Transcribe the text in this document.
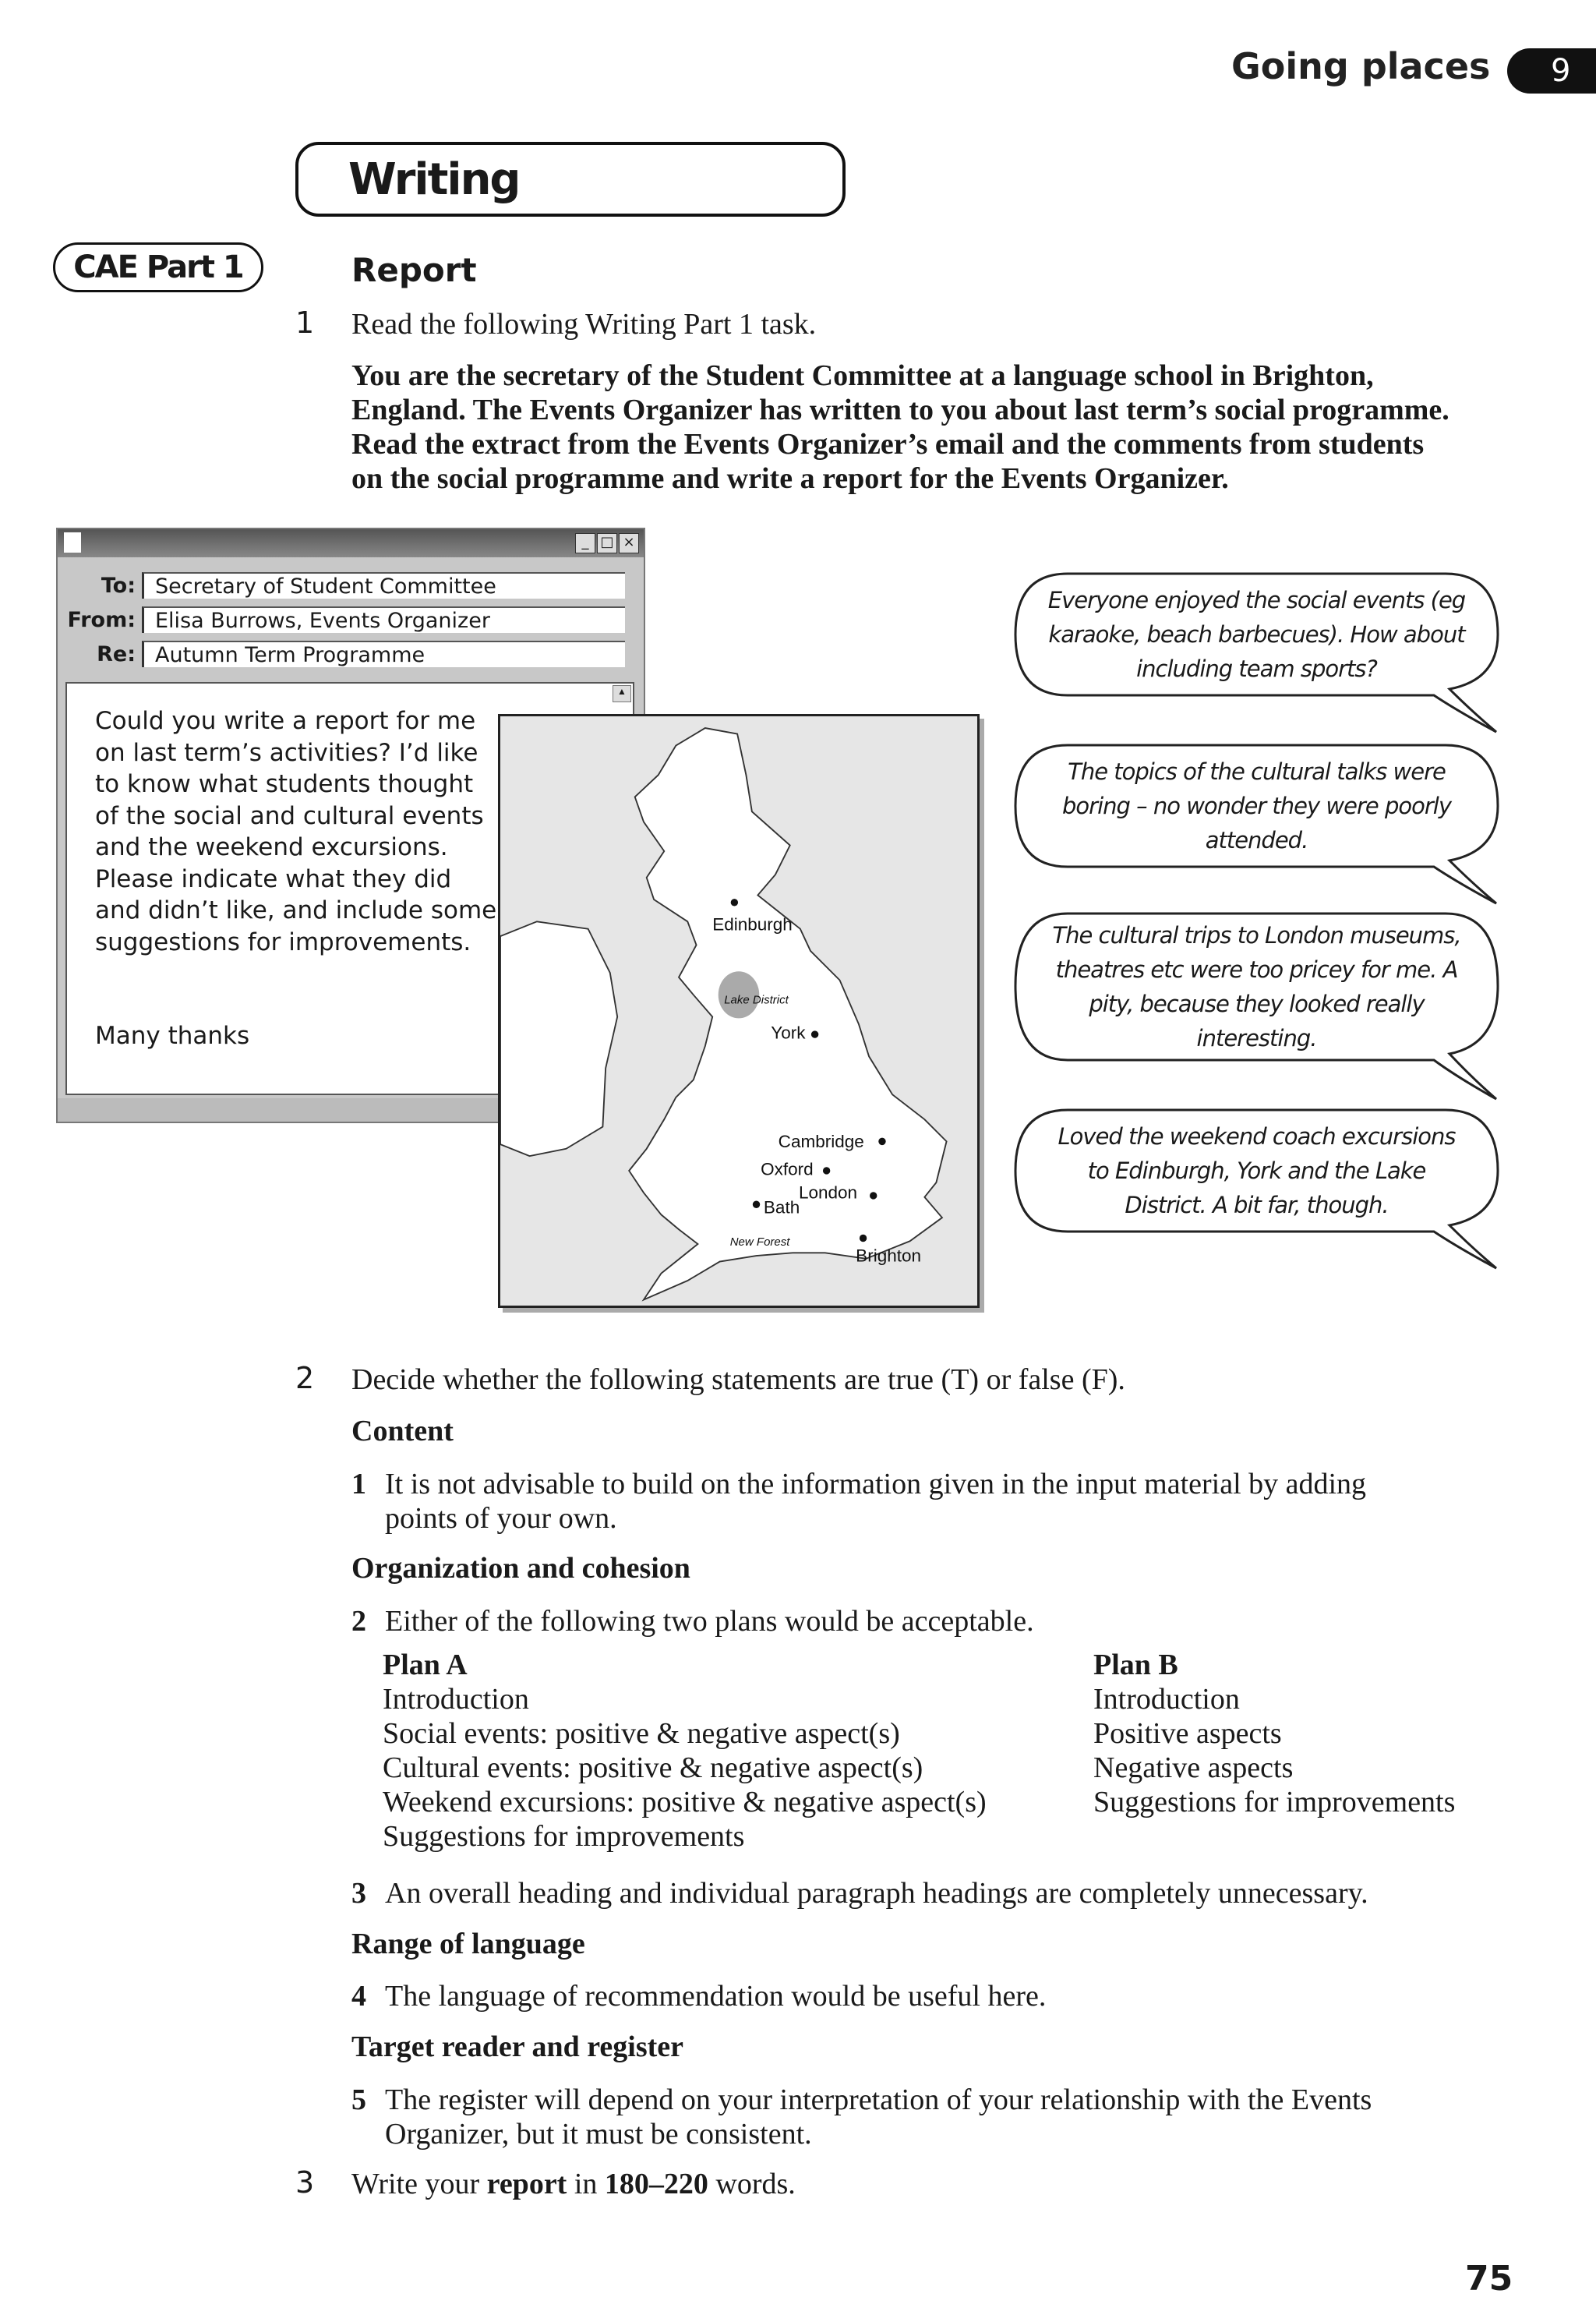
Going places	9
Writing
CAE Part 1	Report
1 Read the following Writing Part 1 task.
You are the secretary of the Student Committee at a language school in Brighton,
England. The Events Organizer has written to you about last term’s social programme.
Read the extract from the Events Organizer’s email and the comments from students
on the social programme and write a report for the Events Organizer.
_ □ ×
To: Secretary of Student Committee
From: Elisa Burrows, Events Organizer
Re: Autumn Term Programme
▲

Could you write a report for me on last term’s activities? I’d like to know what students thought of the social and cultural events and the weekend excursions. Please indicate what they did and didn’t like, and include some suggestions for improvements.

Many thanks
Edinburgh
Lake District
York
Cambridge
Oxford
London
Bath
New Forest
Brighton
Everyone enjoyed the social events (eg karaoke, beach barbecues). How about including team sports?
The topics of the cultural talks were boring – no wonder they were poorly attended.
The cultural trips to London museums, theatres etc were too pricey for me. A pity, because they looked really interesting.
Loved the weekend coach excursions to Edinburgh, York and the Lake District. A bit far, though.
2 Decide whether the following statements are true (T) or false (F).
Content
1 It is not advisable to build on the information given in the input material by adding
points of your own.
Organization and cohesion
2 Either of the following two plans would be acceptable.
Plan A
Introduction
Social events: positive & negative aspect(s)
Cultural events: positive & negative aspect(s)
Weekend excursions: positive & negative aspect(s)
Suggestions for improvements
Plan B
Introduction
Positive aspects
Negative aspects
Suggestions for improvements
3 An overall heading and individual paragraph headings are completely unnecessary.
Range of language
4 The language of recommendation would be useful here.
Target reader and register
5 The register will depend on your interpretation of your relationship with the Events
Organizer, but it must be consistent.
3 Write your report in 180–220 words.
75
